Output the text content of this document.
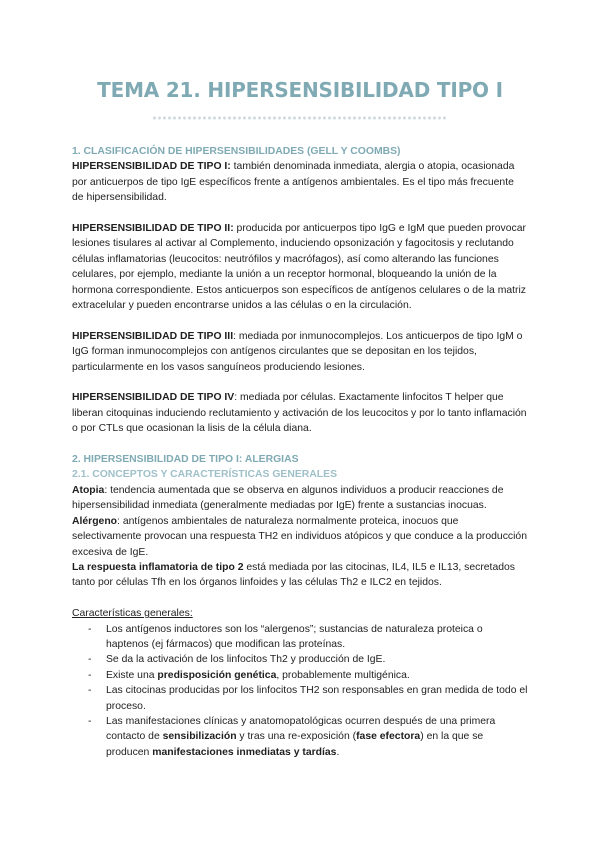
TEMA 21. HIPERSENSIBILIDAD TIPO I
1. CLASIFICACIÓN DE HIPERSENSIBILIDADES (GELL Y COOMBS)

HIPERSENSIBILIDAD DE TIPO I: también denominada inmediata, alergia o atopia, ocasionada por anticuerpos de tipo IgE específicos frente a antígenos ambientales. Es el tipo más frecuente de hipersensibilidad.

HIPERSENSIBILIDAD DE TIPO II: producida por anticuerpos tipo IgG e IgM que pueden provocar lesiones tisulares al activar al Complemento, induciendo opsonización y fagocitosis y reclutando células inflamatorias (leucocitos: neutrófilos y macrófagos), así como alterando las funciones celulares, por ejemplo, mediante la unión a un receptor hormonal, bloqueando la unión de la hormona correspondiente. Estos anticuerpos son específicos de antígenos celulares o de la matriz extracelular y pueden encontrarse unidos a las células o en la circulación.

HIPERSENSIBILIDAD DE TIPO III: mediada por inmunocomplejos. Los anticuerpos de tipo IgM o IgG forman inmunocomplejos con antígenos circulantes que se depositan en los tejidos, particularmente en los vasos sanguíneos produciendo lesiones.

HIPERSENSIBILIDAD DE TIPO IV: mediada por células. Exactamente linfocitos T helper que liberan citoquinas induciendo reclutamiento y activación de los leucocitos y por lo tanto inflamación o por CTLs que ocasionan la lisis de la célula diana.

2. HIPERSENSIBILIDAD DE TIPO I: ALERGIAS
2.1. CONCEPTOS Y CARACTERÍSTICAS GENERALES

Atopia: tendencia aumentada que se observa en algunos individuos a producir reacciones de hipersensibilidad inmediata (generalmente mediadas por IgE) frente a sustancias inocuas.

Alérgeno: antígenos ambientales de naturaleza normalmente proteica, inocuos que selectivamente provocan una respuesta TH2 en individuos atópicos y que conduce a la producción excesiva de IgE.

La respuesta inflamatoria de tipo 2 está mediada por las citocinas, IL4, IL5 e IL13, secretados tanto por células Tfh en los órganos linfoides y las células Th2 e ILC2 en tejidos.

Características generales:

- Los antígenos inductores son los “alergenos”; sustancias de naturaleza proteica o haptenos (ej fármacos) que modifican las proteínas.
- Se da la activación de los linfocitos Th2 y producción de IgE.
- Existe una predisposición genética, probablemente multigénica.
- Las citocinas producidas por los linfocitos TH2 son responsables en gran medida de todo el proceso.
- Las manifestaciones clínicas y anatomopatológicas ocurren después de una primera contacto de sensibilización y tras una re-exposición (fase efectora) en la que se producen manifestaciones inmediatas y tardías.
